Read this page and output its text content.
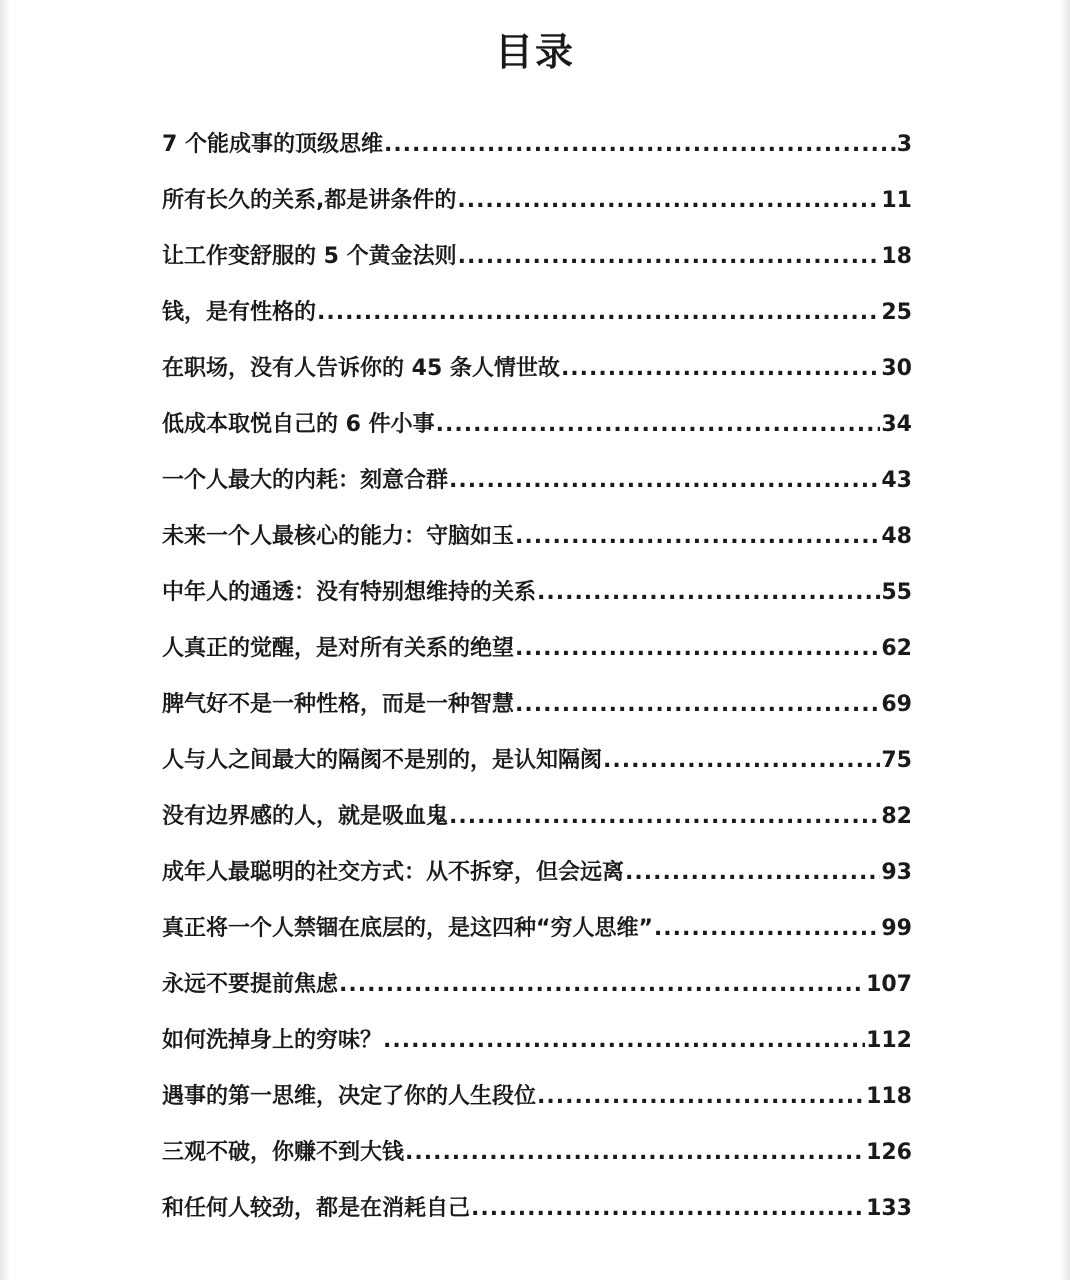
目录
7 个能成事的顶级思维 .....	3
所有长久的关系,都是讲条件的 .....	11
让工作变舒服的 5 个黄金法则 .....	18
钱，是有性格的 .....	25
在职场，没有人告诉你的 45 条人情世故 .....	30
低成本取悦自己的 6 件小事 .....	34
一个人最大的内耗：刻意合群 .....	43
未来一个人最核心的能力：守脑如玉 .....	48
中年人的通透：没有特别想维持的关系 .....	55
人真正的觉醒，是对所有关系的绝望 .....	62
脾气好不是一种性格，而是一种智慧 .....	69
人与人之间最大的隔阂不是别的，是认知隔阂 .....	75
没有边界感的人，就是吸血鬼 .....	82
成年人最聪明的社交方式：从不拆穿，但会远离 .....	93
真正将一个人禁锢在底层的，是这四种“穷人思维” .....	99
永远不要提前焦虑 .....	107
如何洗掉身上的穷味？ .....	112
遇事的第一思维，决定了你的人生段位 .....	118
三观不破，你赚不到大钱 .....	126
和任何人较劲，都是在消耗自己 .....	133
